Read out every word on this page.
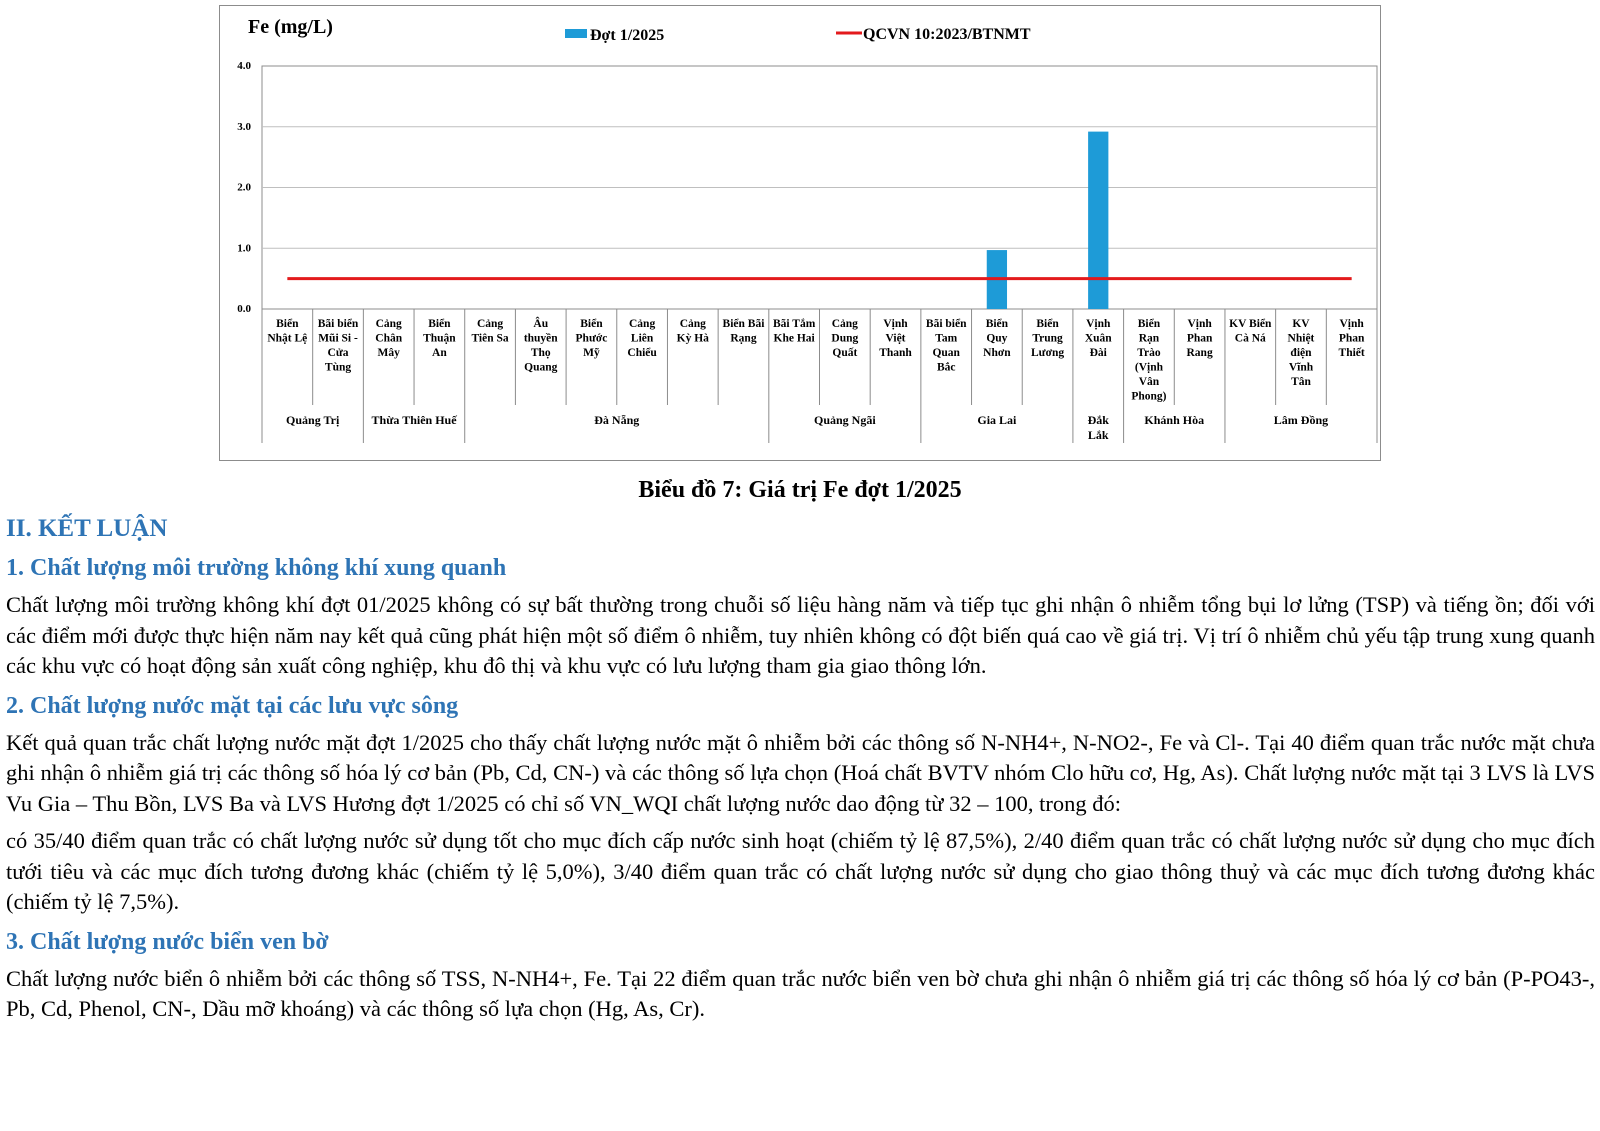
0.0
1.0
2.0
3.0
4.0
Fe (mg/L)	Đợt 1/2025	QCVN 10:2023/BTNMT
Biển
Nhật Lệ
Bãi biển
Mũi Si -
Cửa
Tùng
Cảng
Chân
Mây
Biển
Thuận
An
Cảng
Tiên Sa
Âu
thuyền
Thọ
Quang
Biển
Phước
Mỹ
Cảng
Liên
Chiểu
Cảng
Kỳ Hà
Biển Bãi
Rạng
Bãi Tắm
Khe Hai
Cảng
Dung
Quất
Vịnh
Việt
Thanh
Bãi biển
Tam
Quan
Bắc
Biển
Quy
Nhơn
Biển
Trung
Lương
Vịnh
Xuân
Đài
Biển
Rạn
Trào
(Vịnh
Vân
Phong)
Vịnh
Phan
Rang
KV Biển
Cà Ná
KV
Nhiệt
điện
Vĩnh
Tân
Vịnh
Phan
Thiết
Quảng Trị	Thừa Thiên Huế	Đà Nẵng	Quảng Ngãi	Gia Lai	Đắk
Lắk
Khánh Hòa	Lâm Đồng
Biểu đồ 7: Giá trị Fe đợt 1/2025
II. KẾT LUẬN
1. Chất lượng môi trường không khí xung quanh

Chất lượng môi trường không khí đợt 01/2025 không có sự bất thường trong chuỗi số liệu hàng năm và tiếp tục ghi nhận ô nhiễm tổng bụi lơ lửng (TSP) và tiếng ồn; đối với các điểm mới được thực hiện năm nay kết quả cũng phát hiện một số điểm ô nhiễm, tuy nhiên không có đột biến quá cao về giá trị. Vị trí ô nhiễm chủ yếu tập trung xung quanh các khu vực có hoạt động sản xuất công nghiệp, khu đô thị và khu vực có lưu lượng tham gia giao thông lớn.

2. Chất lượng nước mặt tại các lưu vực sông

Kết quả quan trắc chất lượng nước mặt đợt 1/2025 cho thấy chất lượng nước mặt ô nhiễm bởi các thông số N-NH4+, N-NO2-, Fe và Cl-. Tại 40 điểm quan trắc nước mặt chưa ghi nhận ô nhiễm giá trị các thông số hóa lý cơ bản (Pb, Cd, CN-) và các thông số lựa chọn (Hoá chất BVTV nhóm Clo hữu cơ, Hg, As). Chất lượng nước mặt tại 3 LVS là LVS Vu Gia – Thu Bồn, LVS Ba và LVS Hương đợt 1/2025 có chỉ số VN_WQI chất lượng nước dao động từ 32 – 100, trong đó:

có 35/40 điểm quan trắc có chất lượng nước sử dụng tốt cho mục đích cấp nước sinh hoạt (chiếm tỷ lệ 87,5%), 2/40 điểm quan trắc có chất lượng nước sử dụng cho mục đích tưới tiêu và các mục đích tương đương khác (chiếm tỷ lệ 5,0%), 3/40 điểm quan trắc có chất lượng nước sử dụng cho giao thông thuỷ và các mục đích tương đương khác (chiếm tỷ lệ 7,5%).

3. Chất lượng nước biển ven bờ

Chất lượng nước biển ô nhiễm bởi các thông số TSS, N-NH4+, Fe. Tại 22 điểm quan trắc nước biển ven bờ chưa ghi nhận ô nhiễm giá trị các thông số hóa lý cơ bản (P-PO43-, Pb, Cd, Phenol, CN-, Dầu mỡ khoáng) và các thông số lựa chọn (Hg, As, Cr).
